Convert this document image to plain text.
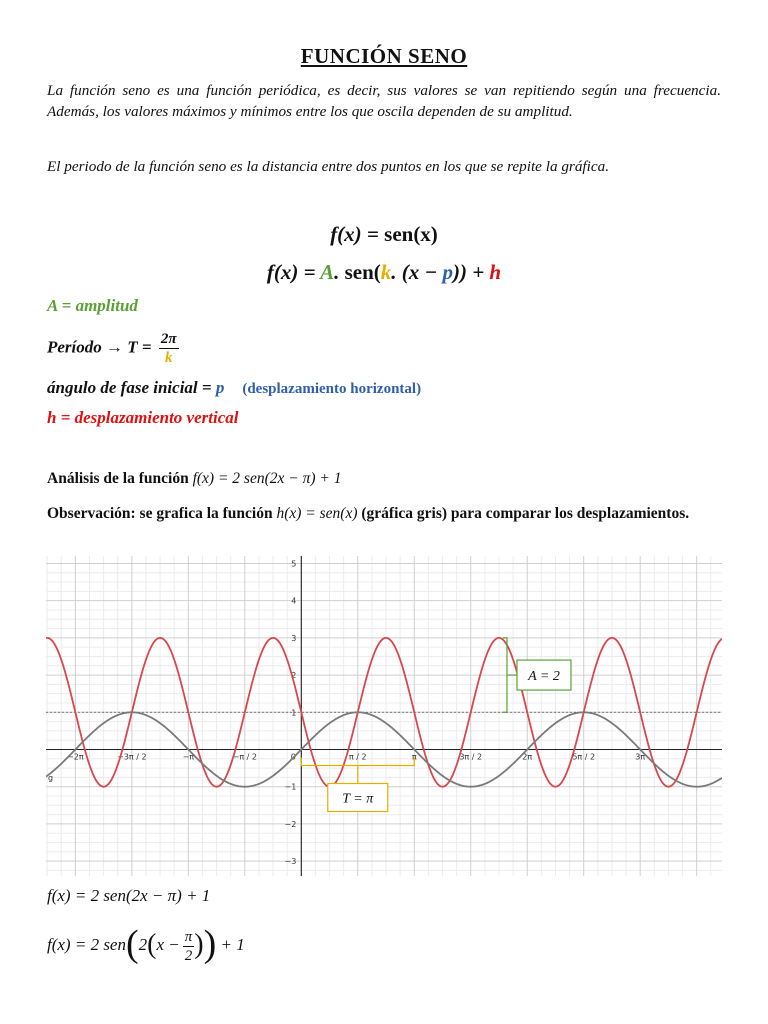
FUNCIÓN SENO
La función seno es una función periódica, es decir, sus valores se van repitiendo según una frecuencia. Además, los valores máximos y mínimos entre los que oscila dependen de su amplitud.
El periodo de la función seno es la distancia entre dos puntos en los que se repite la gráfica.
f(x) = sen(x)
f(x) = A. sen(k. (x − p)) + h
A = amplitud
Período → $T = \frac{2\pi}{k}$
ángulo de fase inicial = p (desplazamiento horizontal)
h = desplazamiento vertical
Análisis de la función f(x) = 2 sen(2x − π) + 1
Observación: se grafica la función h(x) = sen(x) (gráfica gris) para comparar los desplazamientos.
−2π	−3π / 2	−π	−π / 2	0	π / 2	π	3π / 2	2π	5π / 2	3π
5
4
3
2
1
−1
−2
−3
g
A = 2
T = π
f(x) = 2 sen(2x − π) + 1
f(x) = 2 $sen(2(x - \frac{\pi}{2}$ )) + 1
